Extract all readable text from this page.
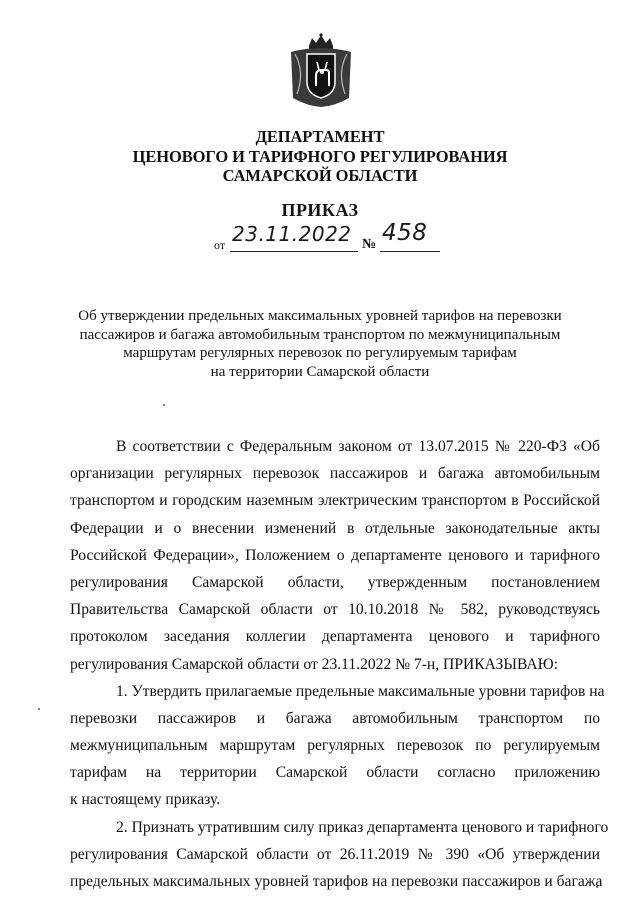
ДЕПАРТАМЕНТ
ЦЕНОВОГО И ТАРИФНОГО РЕГУЛИРОВАНИЯ
САМАРСКОЙ ОБЛАСТИ
ПРИКАЗ
от 23.11.2022 № 458
Об утверждении предельных максимальных уровней тарифов на перевозки
пассажиров и багажа автомобильным транспортом по межмуниципальным
маршрутам регулярных перевозок по регулируемым тарифам
на территории Самарской области
В соответствии с Федеральным законом от 13.07.2015 № 220-ФЗ «Об
организации регулярных перевозок пассажиров и багажа автомобильным
транспортом и городским наземным электрическим транспортом в Российской
Федерации и о внесении изменений в отдельные законодательные акты
Российской Федерации», Положением о департаменте ценового и тарифного
регулирования Самарской области, утвержденным постановлением
Правительства Самарской области от 10.10.2018 № 582, руководствуясь
протоколом заседания коллегии департамента ценового и тарифного
регулирования Самарской области от 23.11.2022 № 7-н, ПРИКАЗЫВАЮ:
1. Утвердить прилагаемые предельные максимальные уровни тарифов на
перевозки пассажиров и багажа автомобильным транспортом по
межмуниципальным маршрутам регулярных перевозок по регулируемым
тарифам на территории Самарской области согласно приложению
к настоящему приказу.
2. Признать утратившим силу приказ департамента ценового и тарифного
регулирования Самарской области от 26.11.2019 № 390 «Об утверждении
предельных максимальных уровней тарифов на перевозки пассажиров и багажа
